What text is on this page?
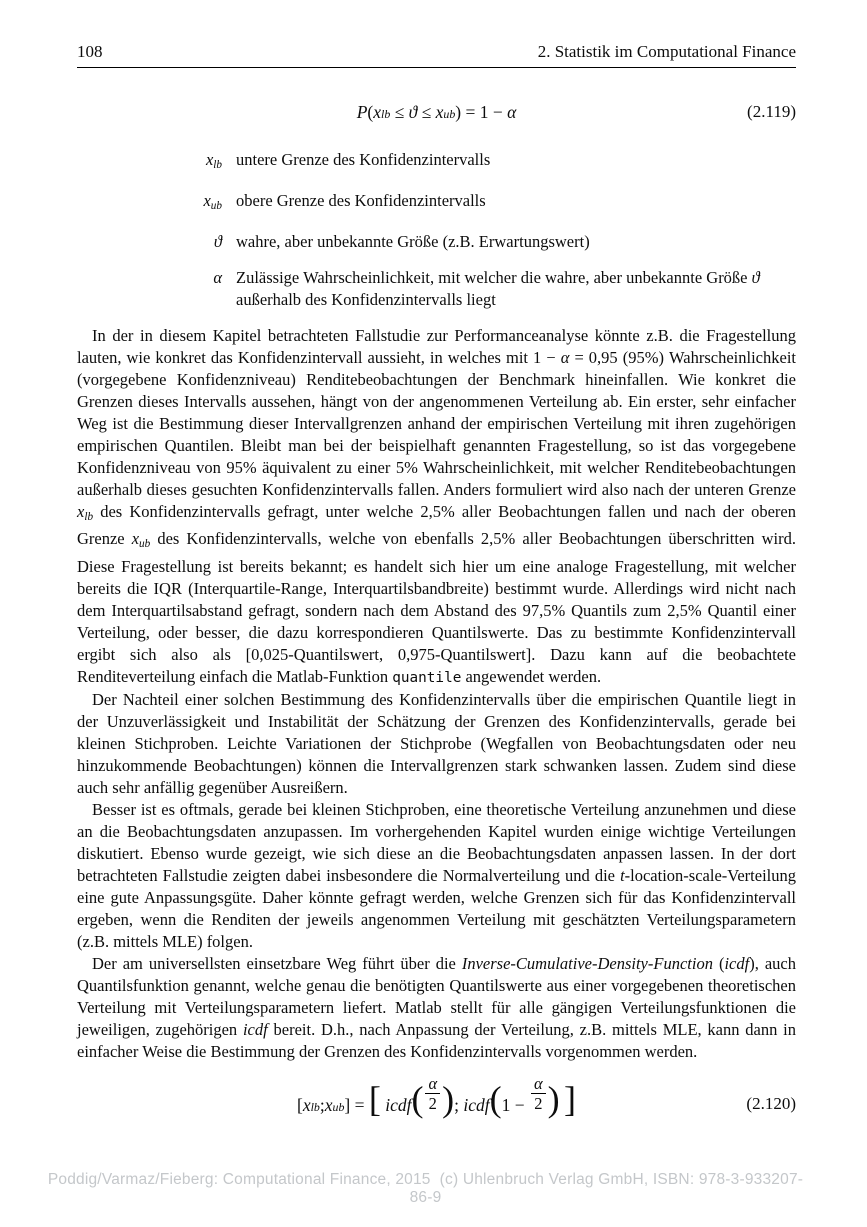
108	2. Statistik im Computational Finance
P(xlb ≤ ϑ ≤ xub) = 1 − α	(2.119)
xlb untere Grenze des Konfidenzintervalls
xub obere Grenze des Konfidenzintervalls
ϑ wahre, aber unbekannte Größe (z.B. Erwartungswert)
α Zulässige Wahrscheinlichkeit, mit welcher die wahre, aber unbekannte Größe ϑ außerhalb des Konfidenzintervalls liegt

In der in diesem Kapitel betrachteten Fallstudie zur Performanceanalyse könnte z.B. die Fragestellung lauten, wie konkret das Konfidenzintervall aussieht, in welches mit 1 − α = 0,95 (95%) Wahrscheinlichkeit (vorgegebene Konfidenzniveau) Renditebeobachtungen der Benchmark hineinfallen. Wie konkret die Grenzen dieses Intervalls aussehen, hängt von der angenommenen Verteilung ab. Ein erster, sehr einfacher Weg ist die Bestimmung dieser Intervallgrenzen anhand der empirischen Verteilung mit ihren zugehörigen empirischen Quantilen. Bleibt man bei der beispielhaft genannten Fragestellung, so ist das vorgegebene Konfidenzniveau von 95% äquivalent zu einer 5% Wahrscheinlichkeit, mit welcher Renditebeobachtungen außerhalb dieses gesuchten Konfidenzintervalls fallen. Anders formuliert wird also nach der unteren Grenze xlb des Konfidenzintervalls gefragt, unter welche 2,5% aller Beobachtungen fallen und nach der oberen Grenze xub des Konfidenzintervalls, welche von ebenfalls 2,5% aller Beobachtungen überschritten wird. Diese Fragestellung ist bereits bekannt; es handelt sich hier um eine analoge Fragestellung, mit welcher bereits die IQR (Interquartile-Range, Interquartilsbandbreite) bestimmt wurde. Allerdings wird nicht nach dem Interquartilsabstand gefragt, sondern nach dem Abstand des 97,5% Quantils zum 2,5% Quantil einer Verteilung, oder besser, die dazu korrespondieren Quantilswerte. Das zu bestimmte Konfidenzintervall ergibt sich also als [0,025-Quantilswert, 0,975-Quantilswert]. Dazu kann auf die beobachtete Renditeverteilung einfach die Matlab-Funktion quantile angewendet werden.

Der Nachteil einer solchen Bestimmung des Konfidenzintervalls über die empirischen Quantile liegt in der Unzuverlässigkeit und Instabilität der Schätzung der Grenzen des Konfidenzintervalls, gerade bei kleinen Stichproben. Leichte Variationen der Stichprobe (Wegfallen von Beobachtungsdaten oder neu hinzukommende Beobachtungen) können die Intervallgrenzen stark schwanken lassen. Zudem sind diese auch sehr anfällig gegenüber Ausreißern.

Besser ist es oftmals, gerade bei kleinen Stichproben, eine theoretische Verteilung anzunehmen und diese an die Beobachtungsdaten anzupassen. Im vorhergehenden Kapitel wurden einige wichtige Verteilungen diskutiert. Ebenso wurde gezeigt, wie sich diese an die Beobachtungsdaten anpassen lassen. In der dort betrachteten Fallstudie zeigten dabei insbesondere die Normalverteilung und die t-location-scale-Verteilung eine gute Anpassungsgüte. Daher könnte gefragt werden, welche Grenzen sich für das Konfidenzintervall ergeben, wenn die Renditen der jeweils angenommen Verteilung mit geschätzten Verteilungsparametern (z.B. mittels MLE) folgen.

Der am universellsten einsetzbare Weg führt über die Inverse-Cumulative-Density-Function (icdf), auch Quantilsfunktion genannt, welche genau die benötigten Quantilswerte aus einer vorgegebenen theoretischen Verteilung mit Verteilungsparametern liefert. Matlab stellt für alle gängigen Verteilungsfunktionen die jeweiligen, zugehörigen icdf bereit. D.h., nach Anpassung der Verteilung, z.B. mittels MLE, kann dann in einfacher Weise die Bestimmung der Grenzen des Konfidenzintervalls vorgenommen werden.

[xlb;xub] = [ icdf( $\frac{\alpha}{2}$ ); icdf(1 − $\frac{\alpha}{2}$ ) ]	(2.120)
Poddig/Varmaz/Fieberg: Computational Finance, 2015  (c) Uhlenbruch Verlag GmbH, ISBN: 978-3-933207-86-9
